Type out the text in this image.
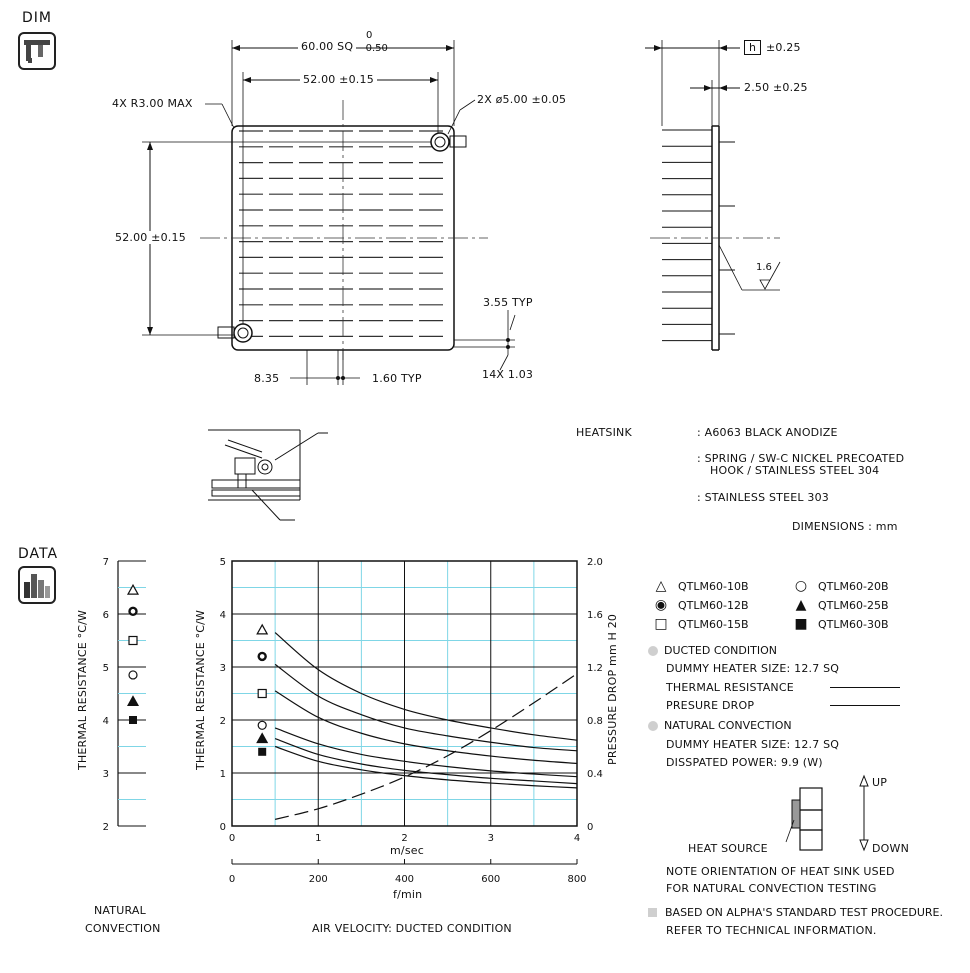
DIM
DATA
60.00 SQ
0
-0.50
52.00 ±0.15
4X R3.00 MAX	2X ø5.00 ±0.05
52.00 ±0.15
3.55 TYP
14X 1.03
8.35	1.60 TYP
h ±0.25
2.50 ±0.25
1.6
HEATSINK	: A6063 BLACK ANODIZE
: SPRING / SW-C NICKEL PRECOATED
HOOK / STAINLESS STEEL 304
: STAINLESS STEEL 303
DIMENSIONS : mm
7
6
5
4
3
2
5
4
3
2
1
0
2.0
1.6
1.2
0.8
0.4
0
0	1	2	3	4
0	200	400	600	800
THERMAL RESISTANCE °C/W
NATURAL
CONVECTION
THERMAL RESISTANCE °C/W	PRESSURE DROP mm H 20
m/sec
f/min
AIR VELOCITY: DUCTED CONDITION
△ QTLM60-10B	○ QTLM60-20B
◉ QTLM60-12B	▲ QTLM60-25B
□ QTLM60-15B	■ QTLM60-30B
DUCTED CONDITION
DUMMY HEATER SIZE: 12.7 SQ
THERMAL RESISTANCE
PRESURE DROP
NATURAL CONVECTION
DUMMY HEATER SIZE: 12.7 SQ
DISSPATED POWER: 9.9 (W)
UP
DOWN
HEAT SOURCE
NOTE ORIENTATION OF HEAT SINK USED
FOR NATURAL CONVECTION TESTING
BASED ON ALPHA'S STANDARD TEST PROCEDURE.
REFER TO TECHNICAL INFORMATION.
